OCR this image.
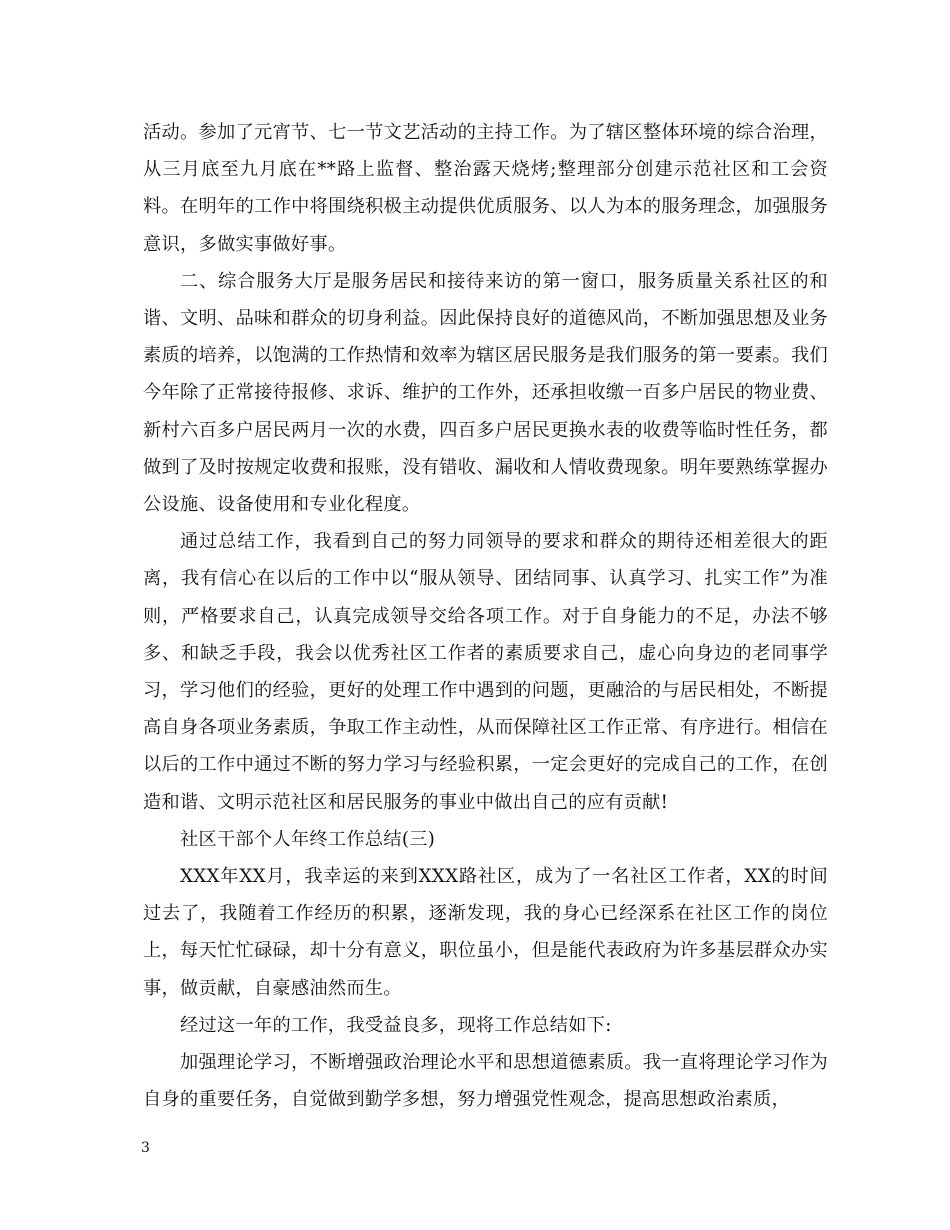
活动。参加了元宵节、七一节文艺活动的主持工作。为了辖区整体环境的综合治理，从三月底至九月底在**路上监督、整治露天烧烤;整理部分创建示范社区和工会资料。在明年的工作中将围绕积极主动提供优质服务、以人为本的服务理念，加强服务意识，多做实事做好事。

二、综合服务大厅是服务居民和接待来访的第一窗口，服务质量关系社区的和谐、文明、品味和群众的切身利益。因此保持良好的道德风尚，不断加强思想及业务素质的培养，以饱满的工作热情和效率为辖区居民服务是我们服务的第一要素。我们今年除了正常接待报修、求诉、维护的工作外，还承担收缴一百多户居民的物业费、新村六百多户居民两月一次的水费，四百多户居民更换水表的收费等临时性任务，都做到了及时按规定收费和报账，没有错收、漏收和人情收费现象。明年要熟练掌握办公设施、设备使用和专业化程度。

通过总结工作，我看到自己的努力同领导的要求和群众的期待还相差很大的距离，我有信心在以后的工作中以“服从领导、团结同事、认真学习、扎实工作”为准则，严格要求自己，认真完成领导交给各项工作。对于自身能力的不足，办法不够多、和缺乏手段，我会以优秀社区工作者的素质要求自己，虚心向身边的老同事学习，学习他们的经验，更好的处理工作中遇到的问题，更融洽的与居民相处，不断提高自身各项业务素质，争取工作主动性，从而保障社区工作正常、有序进行。相信在以后的工作中通过不断的努力学习与经验积累，一定会更好的完成自己的工作，在创造和谐、文明示范社区和居民服务的事业中做出自己的应有贡献!

社区干部个人年终工作总结(三)

XXX年XX月，我幸运的来到XXX路社区，成为了一名社区工作者，XX的时间过去了，我随着工作经历的积累，逐渐发现，我的身心已经深系在社区工作的岗位上，每天忙忙碌碌，却十分有意义，职位虽小，但是能代表政府为许多基层群众办实事，做贡献，自豪感油然而生。

经过这一年的工作，我受益良多，现将工作总结如下:

加强理论学习，不断增强政治理论水平和思想道德素质。我一直将理论学习作为自身的重要任务，自觉做到勤学多想，努力增强党性观念，提高思想政治素质，

3
